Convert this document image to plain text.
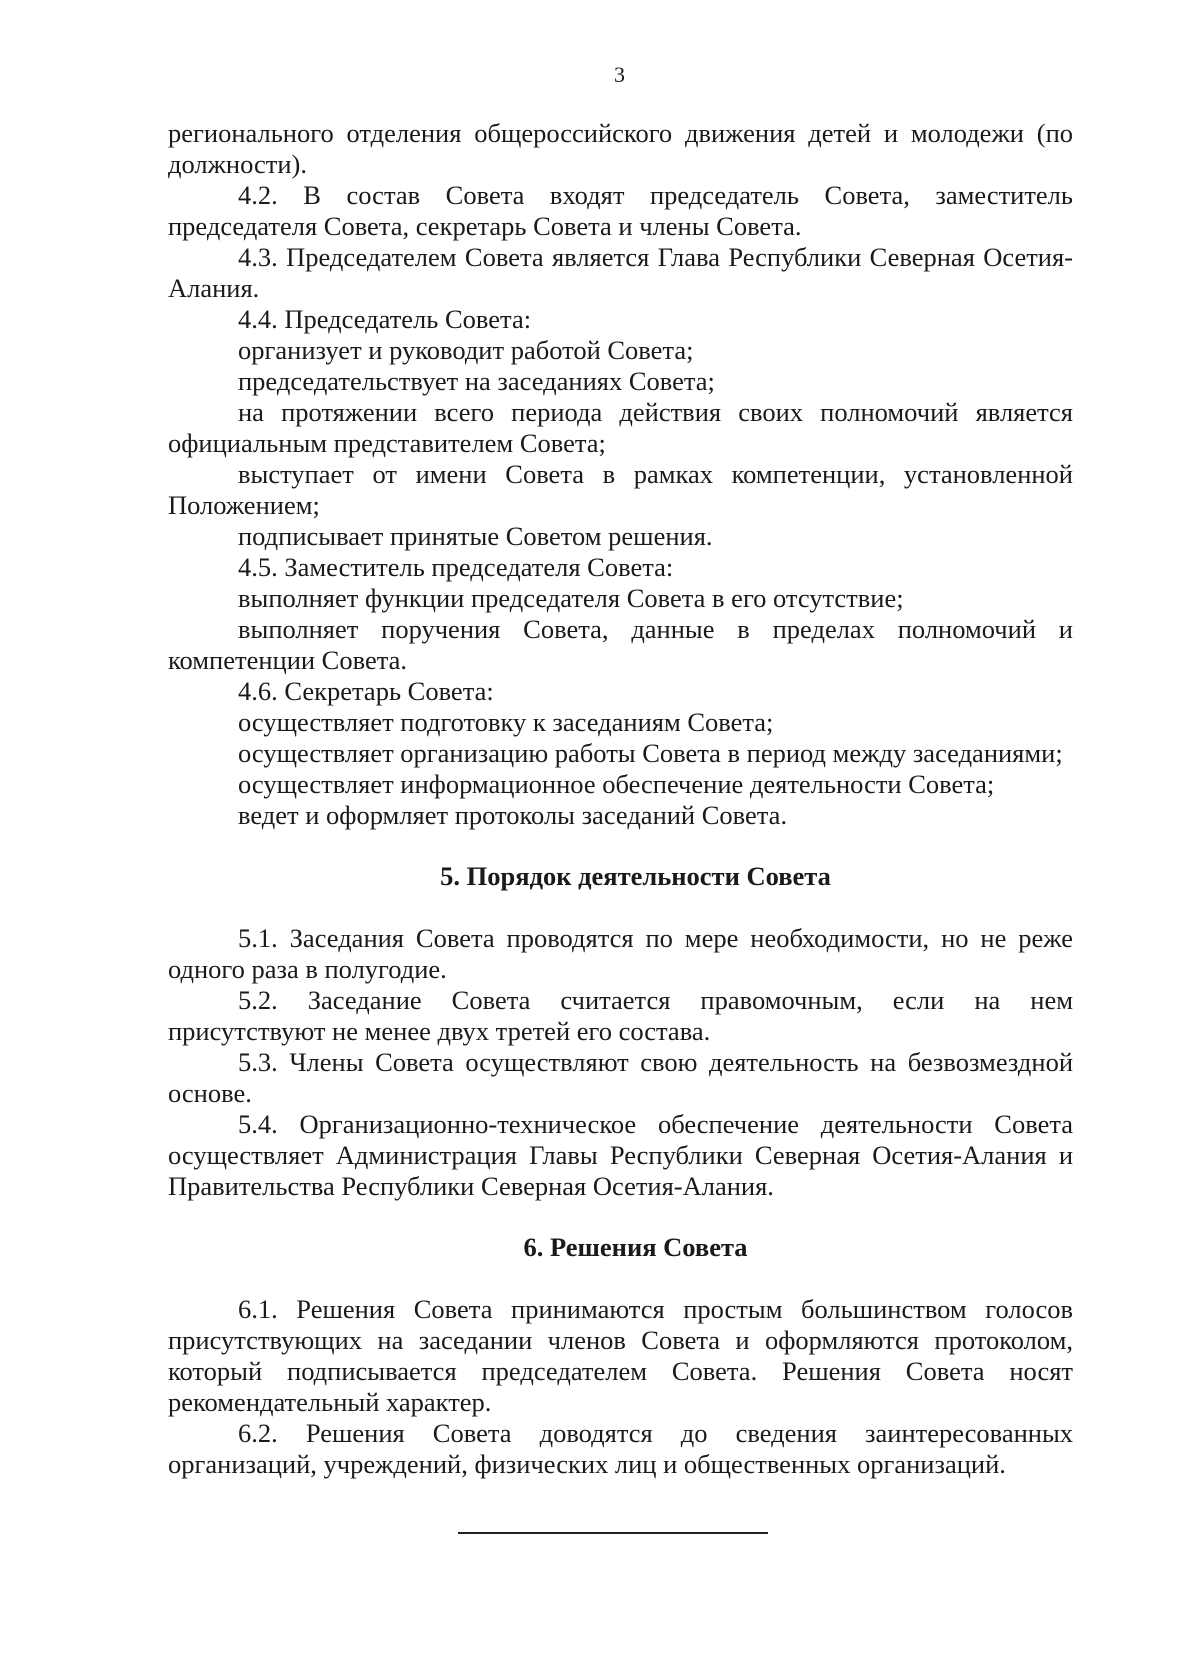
3

регионального отделения общероссийского движения детей и молодежи (по должности).

4.2. В состав Совета входят председатель Совета, заместитель председателя Совета, секретарь Совета и члены Совета.

4.3. Председателем Совета является Глава Республики Северная Осетия-Алания.

4.4. Председатель Совета:

организует и руководит работой Совета;

председательствует на заседаниях Совета;

на протяжении всего периода действия своих полномочий является официальным представителем Совета;

выступает от имени Совета в рамках компетенции, установленной Положением;

подписывает принятые Советом решения.

4.5. Заместитель председателя Совета:

выполняет функции председателя Совета в его отсутствие;

выполняет поручения Совета, данные в пределах полномочий и компетенции Совета.

4.6. Секретарь Совета:

осуществляет подготовку к заседаниям Совета;

осуществляет организацию работы Совета в период между заседаниями;

осуществляет информационное обеспечение деятельности Совета;

ведет и оформляет протоколы заседаний Совета.

5. Порядок деятельности Совета

5.1. Заседания Совета проводятся по мере необходимости, но не реже одного раза в полугодие.

5.2. Заседание Совета считается правомочным, если на нем присутствуют не менее двух третей его состава.

5.3. Члены Совета осуществляют свою деятельность на безвозмездной основе.

5.4. Организационно-техническое обеспечение деятельности Совета осуществляет Администрация Главы Республики Северная Осетия-Алания и Правительства Республики Северная Осетия-Алания.

6. Решения Совета

6.1. Решения Совета принимаются простым большинством голосов присутствующих на заседании членов Совета и оформляются протоколом, который подписывается председателем Совета. Решения Совета носят рекомендательный характер.

6.2. Решения Совета доводятся до сведения заинтересованных организаций, учреждений, физических лиц и общественных организаций.
